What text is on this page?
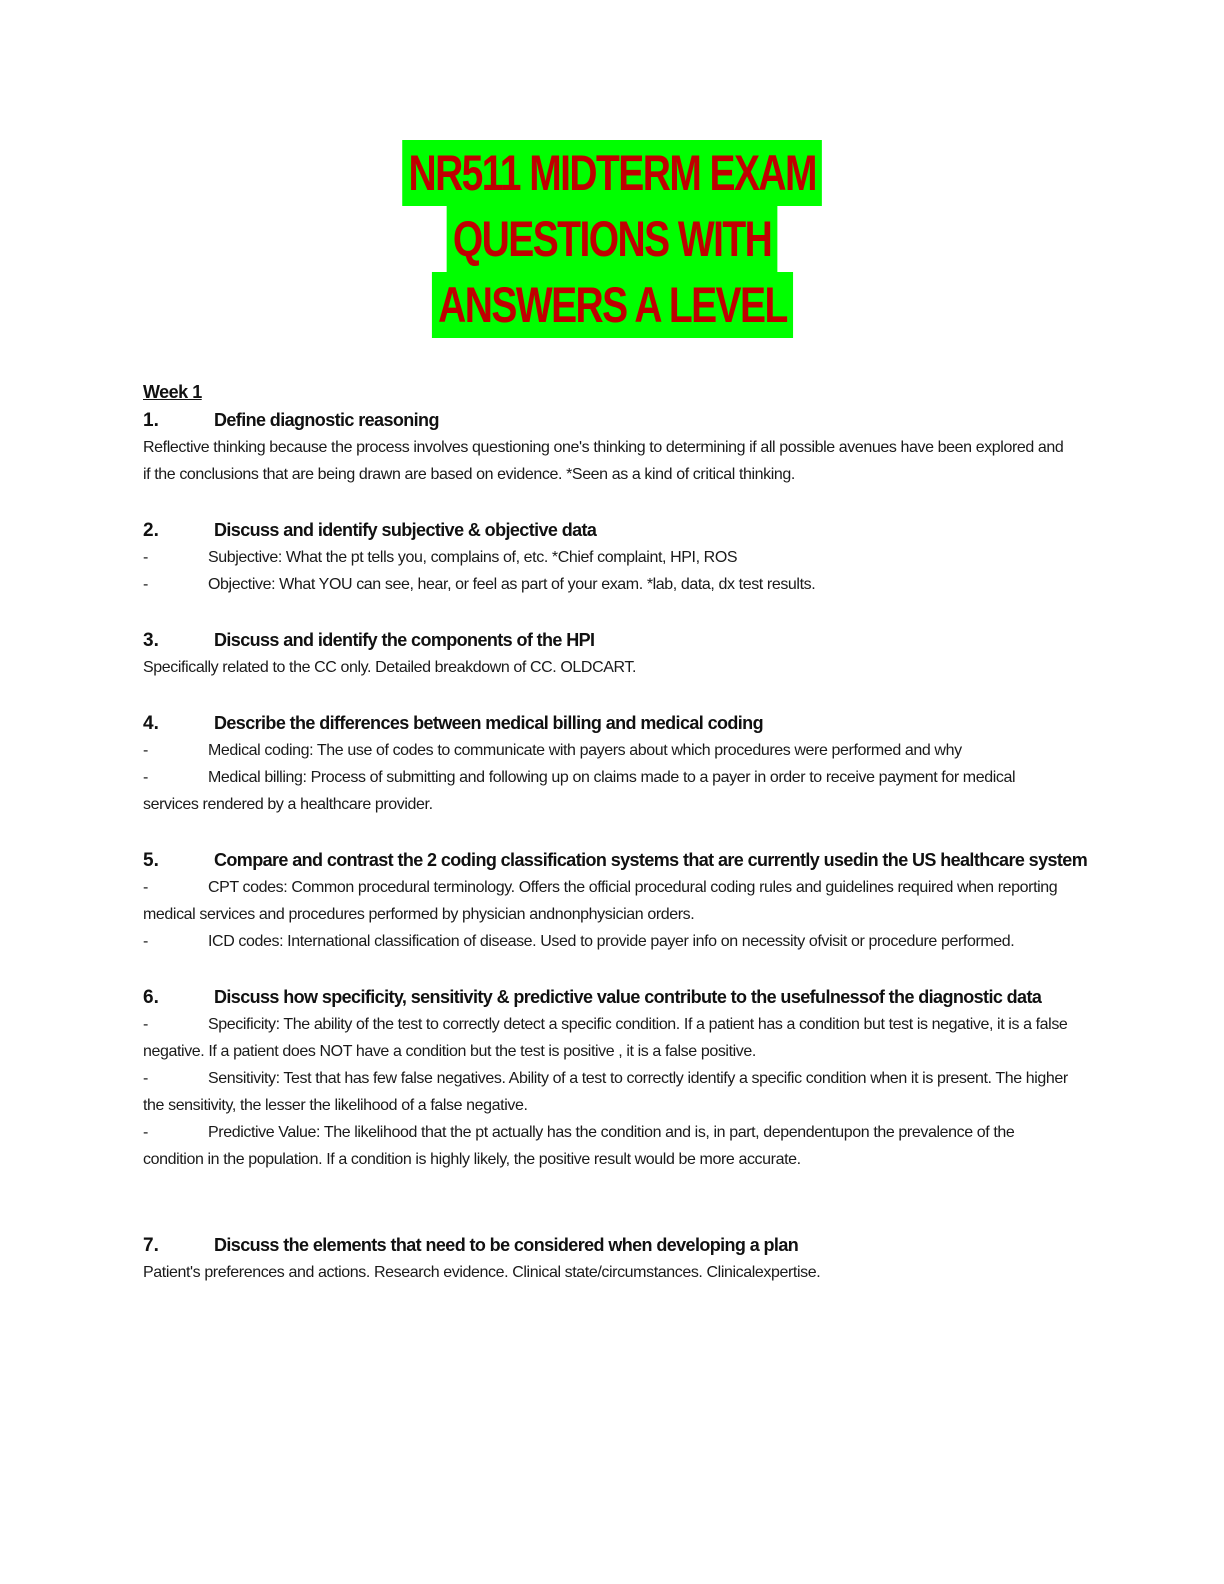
NR511 MIDTERM EXAM
QUESTIONS WITH
ANSWERS A LEVEL
Week 1
1.	Define diagnostic reasoning
Reflective thinking because the process involves questioning one's thinking to determining if all possible avenues have been explored and if the conclusions that are being drawn are based on evidence. *Seen as a kind of critical thinking.
2.	Discuss and identify subjective & objective data
-	Subjective: What the pt tells you, complains of, etc. *Chief complaint, HPI, ROS
-	Objective: What YOU can see, hear, or feel as part of your exam. *lab, data, dx test results.
3.	Discuss and identify the components of the HPI
Specifically related to the CC only. Detailed breakdown of CC. OLDCART.
4.	Describe the differences between medical billing and medical coding
-	Medical coding: The use of codes to communicate with payers about which procedures were performed and why
-	Medical billing: Process of submitting and following up on claims made to a payer in order to receive payment for medical services rendered by a healthcare provider.
5.	Compare and contrast the 2 coding classification systems that are currently usedin the US healthcare system
-	CPT codes: Common procedural terminology. Offers the official procedural coding rules and guidelines required when reporting medical services and procedures performed by physician andnonphysician orders.
-	ICD codes: International classification of disease. Used to provide payer info on necessity ofvisit or procedure performed.
6.	Discuss how specificity, sensitivity & predictive value contribute to the usefulnessof the diagnostic data
-	Specificity: The ability of the test to correctly detect a specific condition. If a patient has a condition but test is negative, it is a false negative. If a patient does NOT have a condition but the test is positive , it is a false positive.
-	Sensitivity: Test that has few false negatives. Ability of a test to correctly identify a specific condition when it is present. The higher the sensitivity, the lesser the likelihood of a false negative.
-	Predictive Value: The likelihood that the pt actually has the condition and is, in part, dependentupon the prevalence of the condition in the population. If a condition is highly likely, the positive result would be more accurate.
7.	Discuss the elements that need to be considered when developing a plan
Patient's preferences and actions. Research evidence. Clinical state/circumstances. Clinicalexpertise.
